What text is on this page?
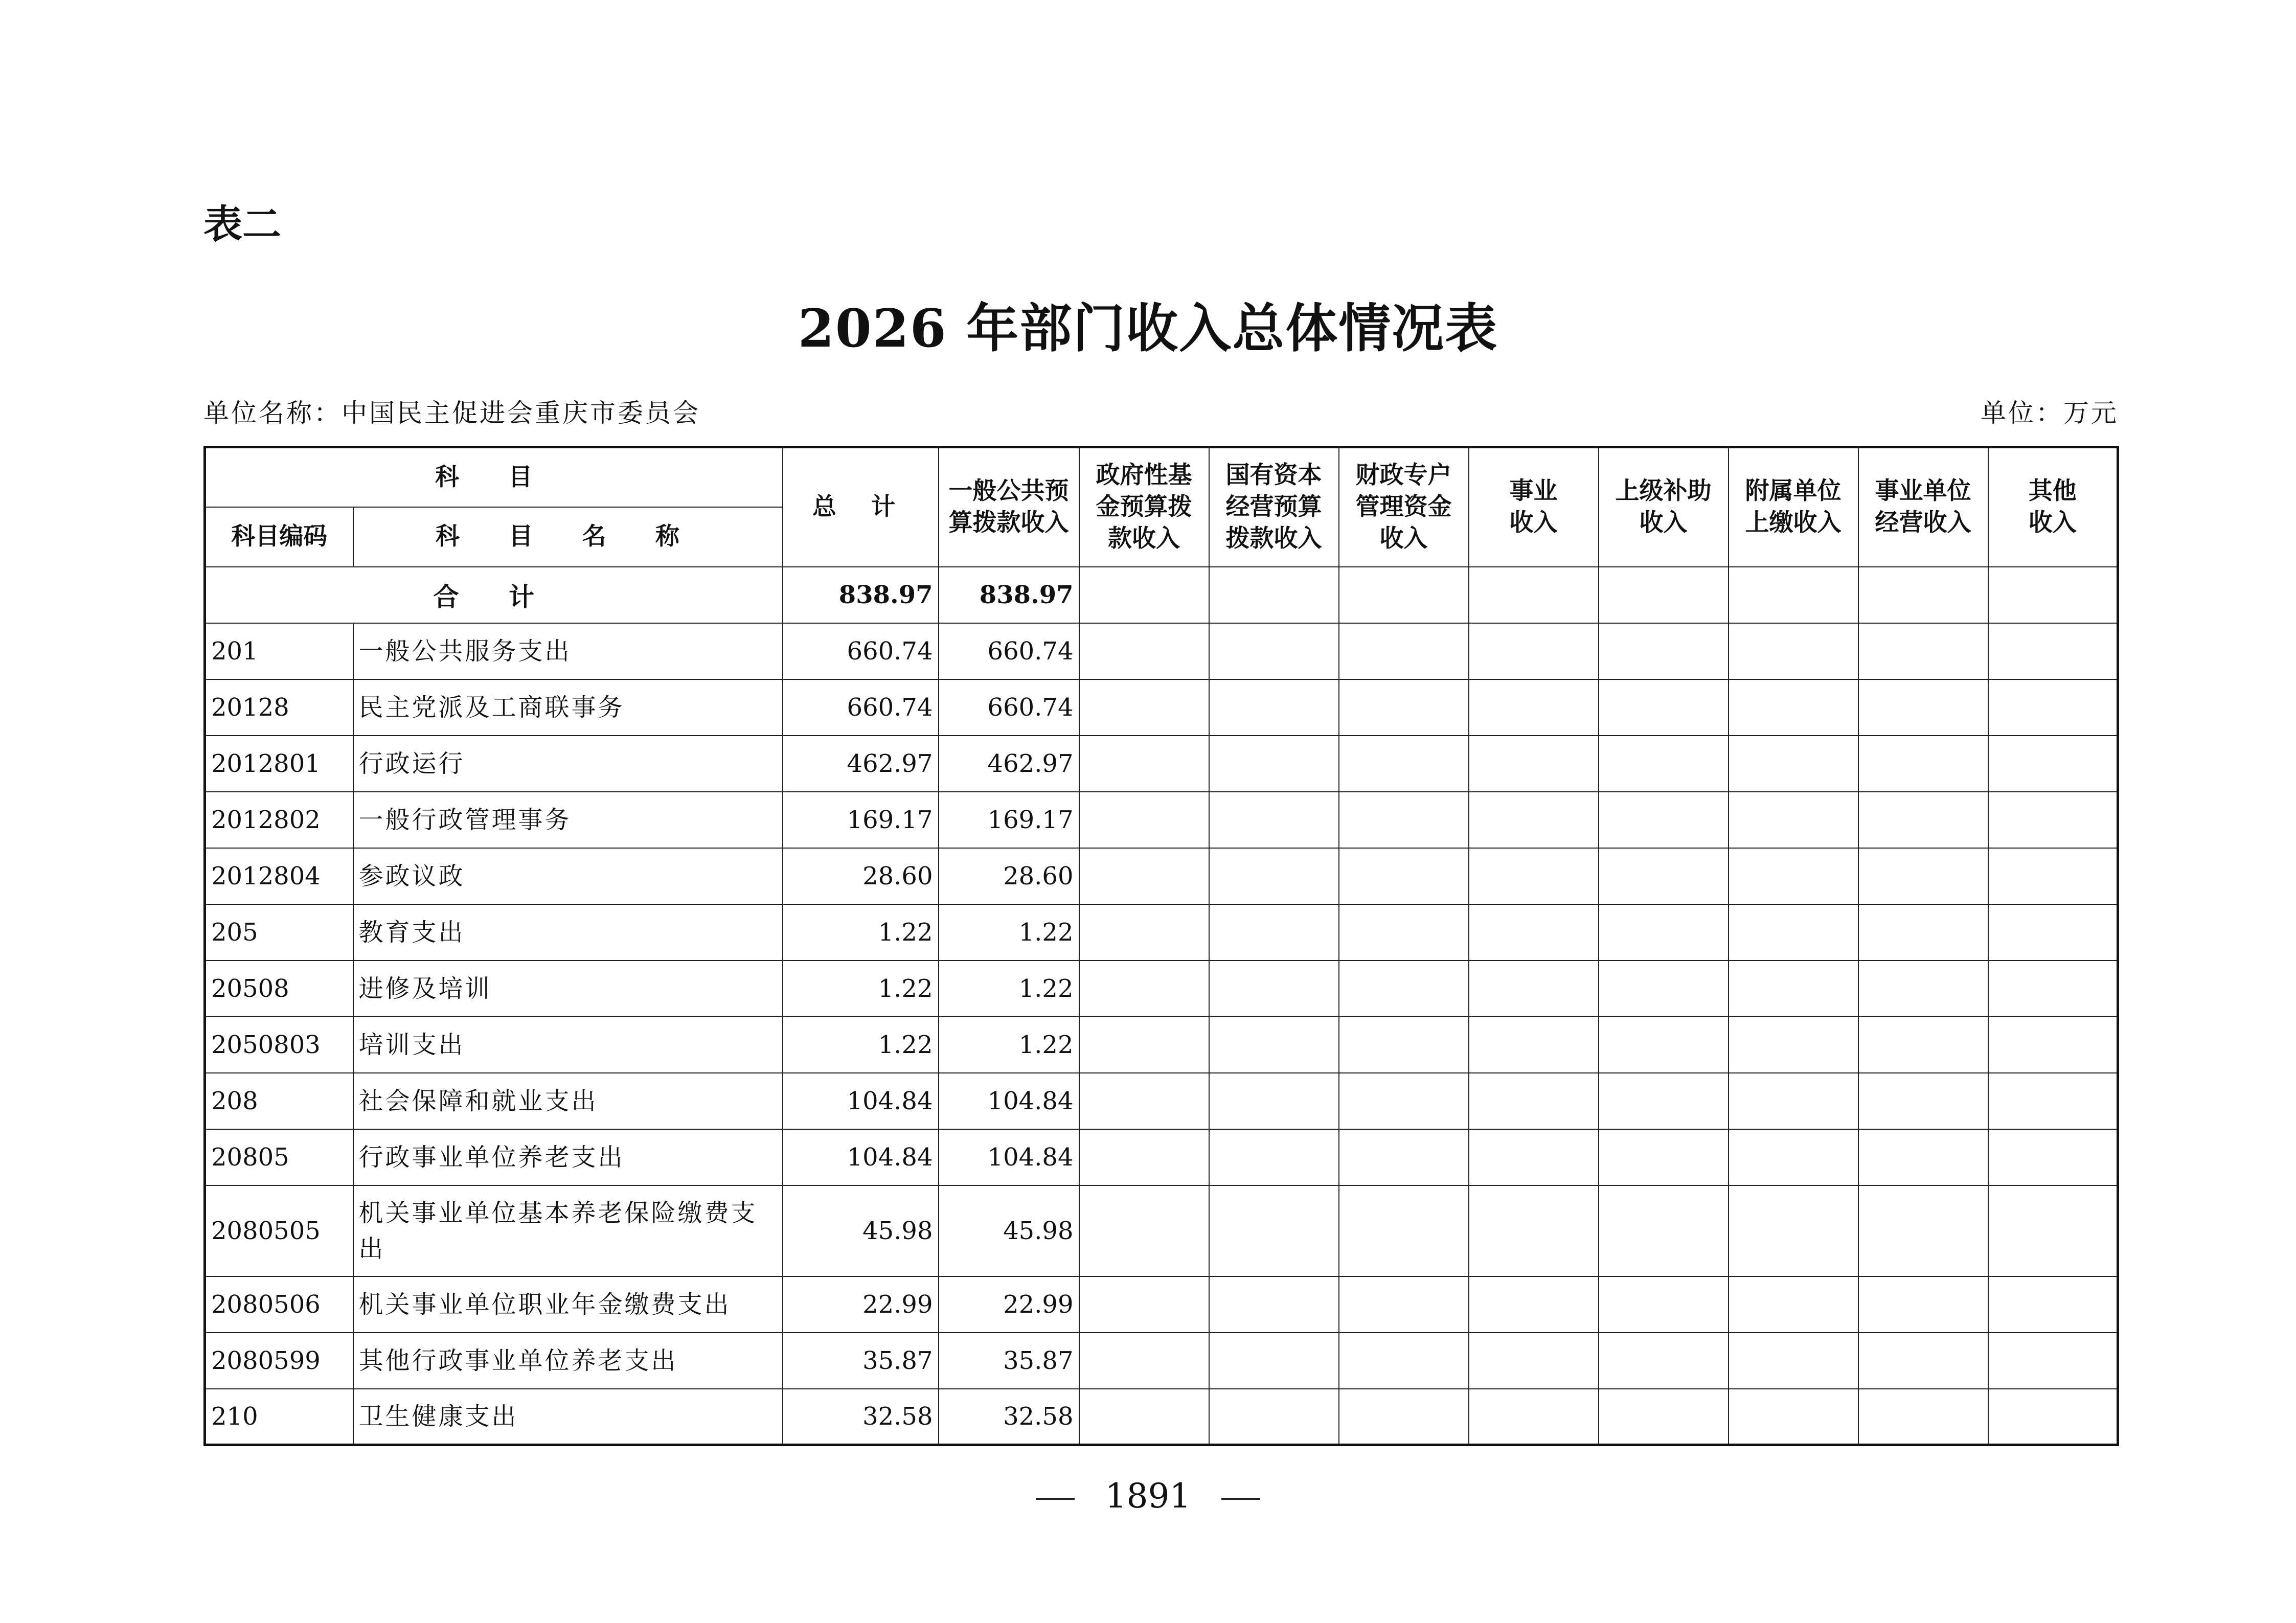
表二
2026 年部门收入总体情况表
单位名称：中国民主促进会重庆市委员会	单位：万元
科 目		总 计	一般公共预算拨款收入	政府性基金预算拨款收入	国有资本经营预算拨款收入	财政专户管理资金收入	事业收入	上级补助收入	附属单位上缴收入	事业单位经营收入	其他收入
科目编码	科 目 名 称										
合 计		838.97	838.97								
201	一般公共服务支出	660.74	660.74								
20128	民主党派及工商联事务	660.74	660.74								
2012801	行政运行	462.97	462.97								
2012802	一般行政管理事务	169.17	169.17								
2012804	参政议政	28.60	28.60								
205	教育支出	1.22	1.22								
20508	进修及培训	1.22	1.22								
2050803	培训支出	1.22	1.22								
208	社会保障和就业支出	104.84	104.84								
20805	行政事业单位养老支出	104.84	104.84								
2080505	机关事业单位基本养老保险缴费支出	45.98	45.98								
2080506	机关事业单位职业年金缴费支出	22.99	22.99								
2080599	其他行政事业单位养老支出	35.87	35.87								
210	卫生健康支出	32.58	32.58								
1891
